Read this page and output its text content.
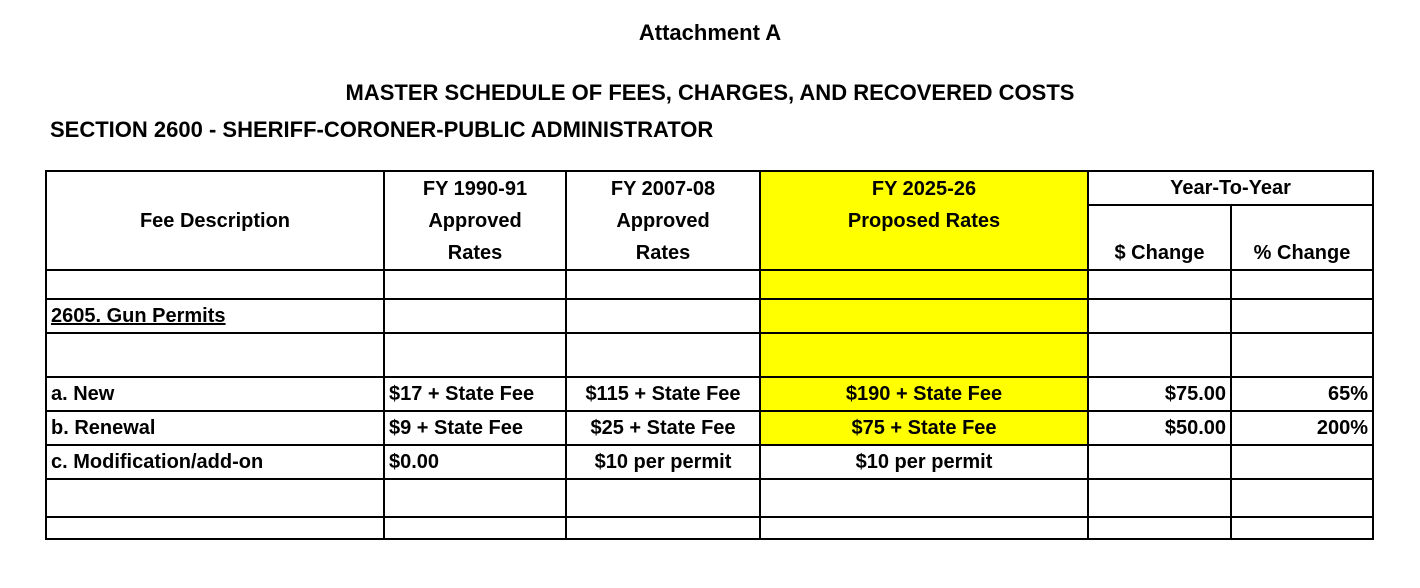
Attachment A
MASTER SCHEDULE OF FEES, CHARGES, AND RECOVERED COSTS
SECTION 2600 - SHERIFF-CORONER-PUBLIC ADMINISTRATOR
Fee Description	FY 1990-91	FY 2007-08	FY 2025-26	Year-To-Year	
	Approved	Approved	Proposed Rates		
	Rates	Rates		$ Change	% Change

2605. Gun Permits					

a. New	$17 + State Fee	$115 + State Fee	$190 + State Fee	$75.00	65%
b. Renewal	$9 + State Fee	$25 + State Fee	$75 + State Fee	$50.00	200%
c. Modification/add-on	$0.00	$10 per permit	$10 per permit		
